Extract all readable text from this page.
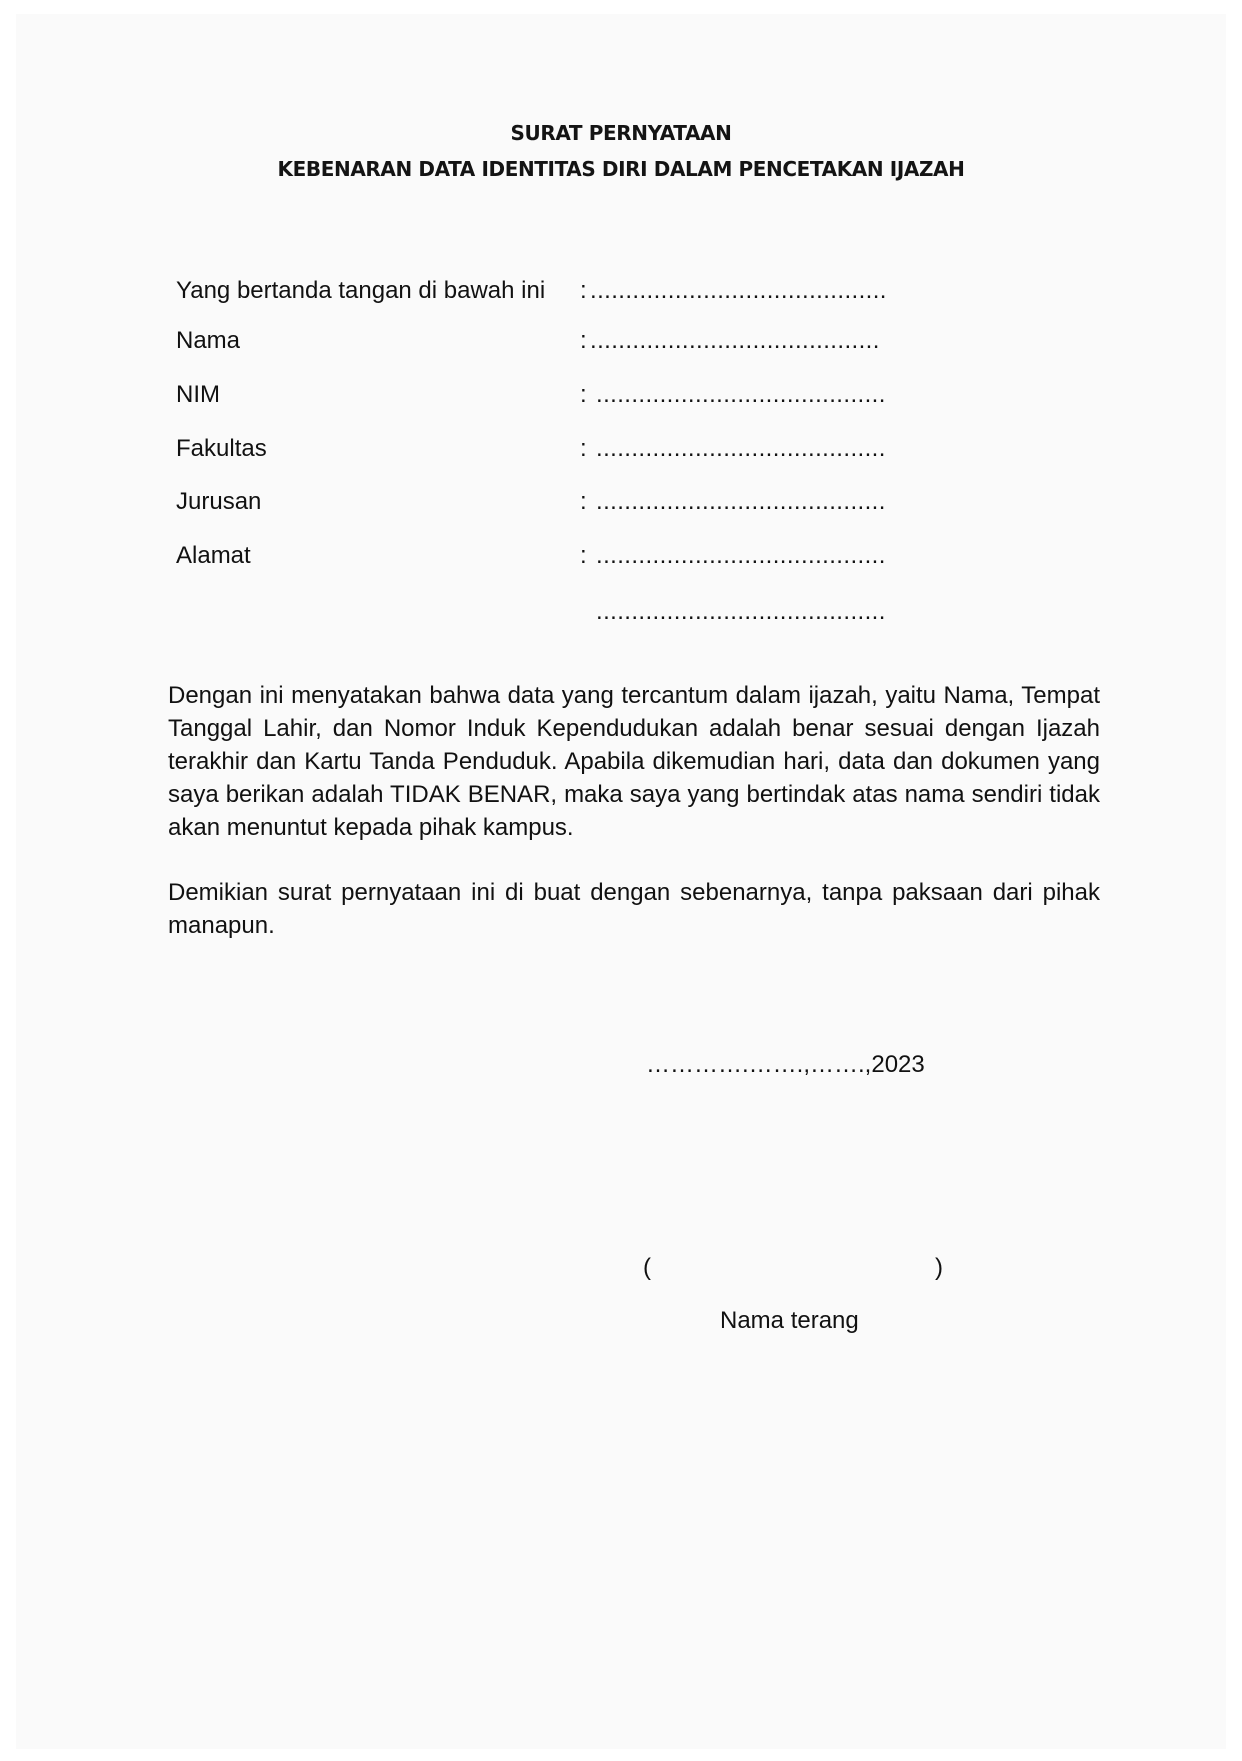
SURAT PERNYATAAN
KEBENARAN DATA IDENTITAS DIRI DALAM PENCETAKAN IJAZAH
Yang bertanda tangan di bawah ini : ..........................................
Nama	: .........................................
NIM	: .........................................
Fakultas	: .........................................
Jurusan	: .........................................
Alamat	: .........................................
.........................................

Dengan ini menyatakan bahwa data yang tercantum dalam ijazah, yaitu Nama, Tempat Tanggal Lahir, dan Nomor Induk Kependudukan adalah benar sesuai dengan Ijazah terakhir dan Kartu Tanda Penduduk. Apabila dikemudian hari, data dan dokumen yang saya berikan adalah TIDAK BENAR, maka saya yang bertindak atas nama sendiri tidak akan menuntut kepada pihak kampus.

Demikian surat pernyataan ini di buat dengan sebenarnya, tanpa paksaan dari pihak manapun.

………….…….,…….,2023
(	)
Nama terang
